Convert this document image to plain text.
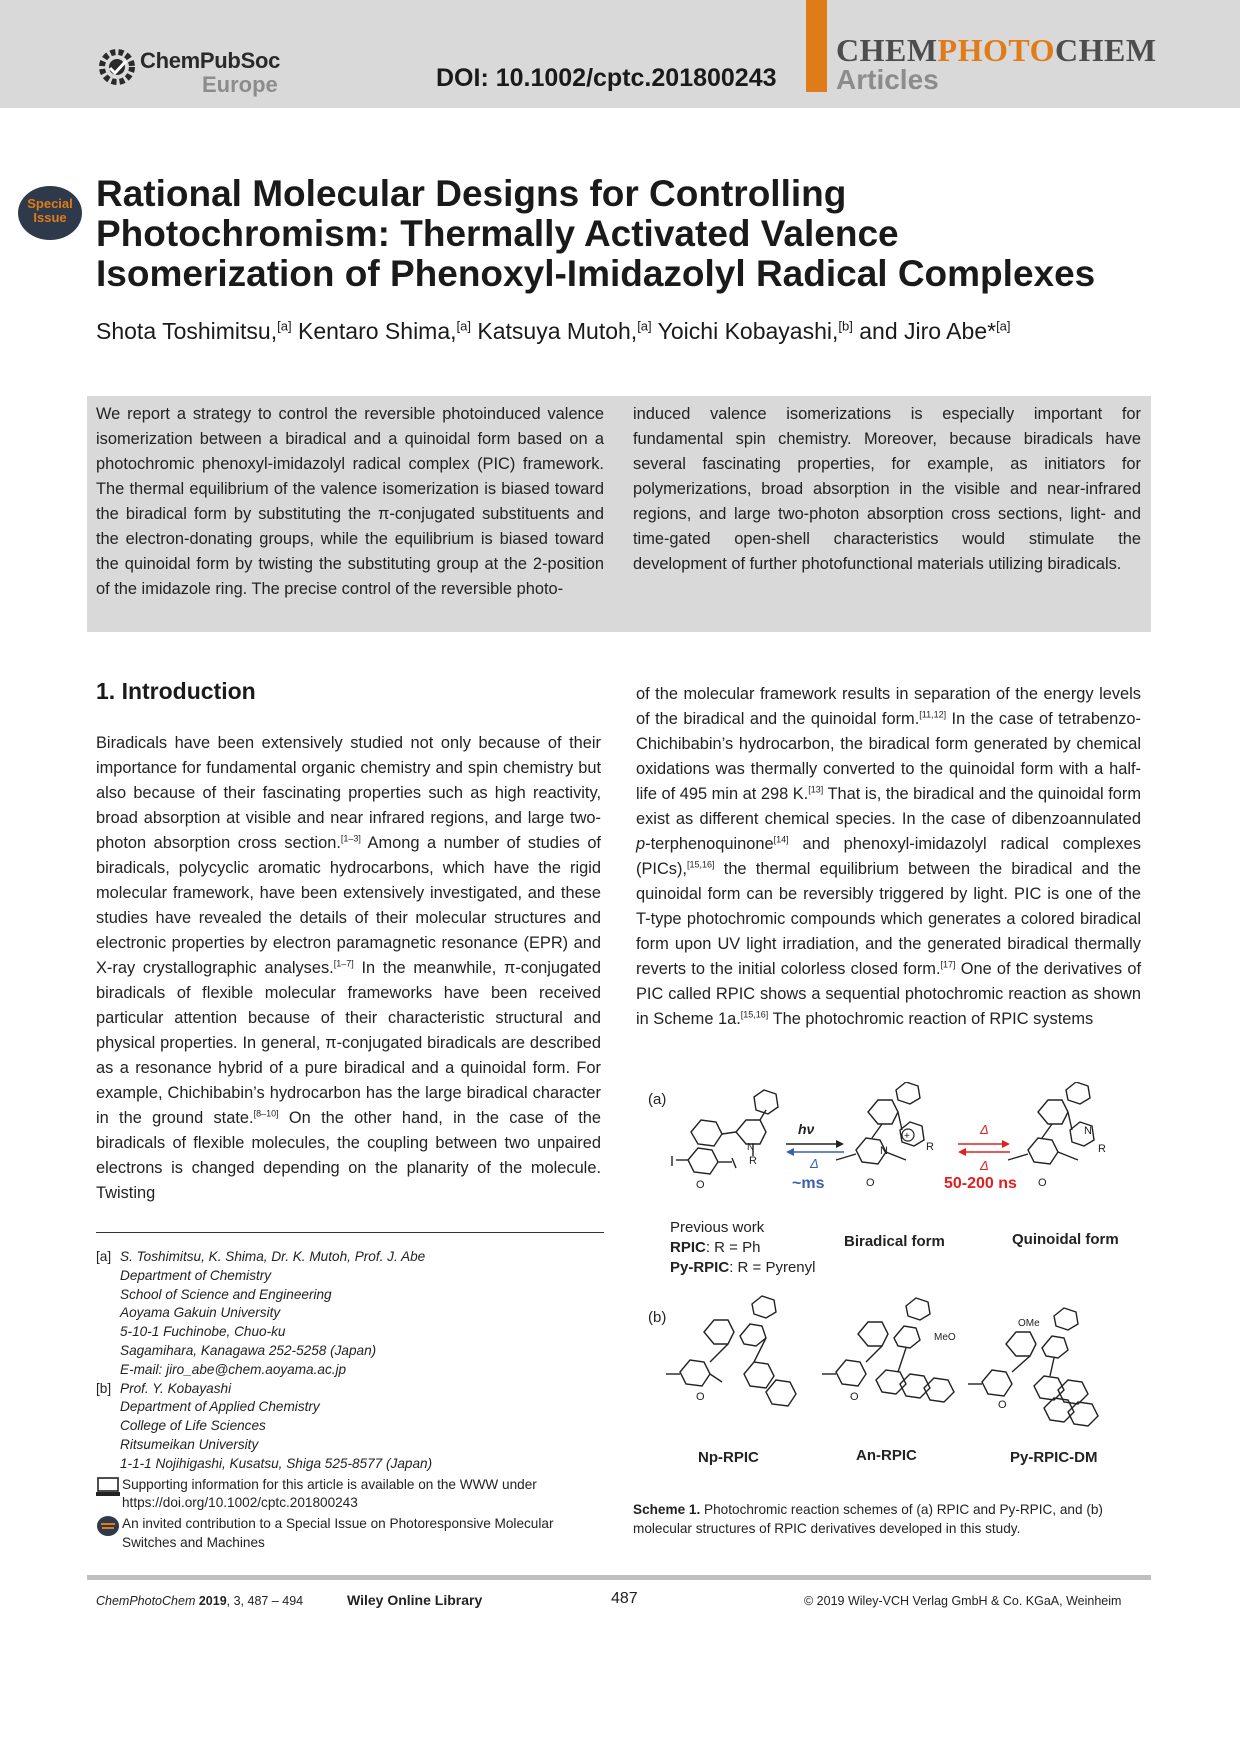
ChemPubSoc
Europe	DOI: 10.1002/cptc.201800243
CHEMPHOTOCHEM
Articles
Special
Issue
Rational Molecular Designs for Controlling
Photochromism: Thermally Activated Valence
Isomerization of Phenoxyl-Imidazolyl Radical Complexes
Shota Toshimitsu,[a] Kentaro Shima,[a] Katsuya Mutoh,[a] Yoichi Kobayashi,[b] and Jiro Abe*[a]

We report a strategy to control the reversible photoinduced valence isomerization between a biradical and a quinoidal form based on a photochromic phenoxyl-imidazolyl radical complex (PIC) framework. The thermal equilibrium of the valence isomerization is biased toward the biradical form by substituting the π-conjugated substituents and the electron-donating groups, while the equilibrium is biased toward the quinoidal form by twisting the substituting group at the 2-position of the imidazole ring. The precise control of the reversible photo-

induced valence isomerizations is especially important for fundamental spin chemistry. Moreover, because biradicals have several fascinating properties, for example, as initiators for polymerizations, broad absorption in the visible and near-infrared regions, and large two-photon absorption cross sections, light- and time-gated open-shell characteristics would stimulate the development of further photofunctional materials utilizing biradicals.

1. Introduction

Biradicals have been extensively studied not only because of their importance for fundamental organic chemistry and spin chemistry but also because of their fascinating properties such as high reactivity, broad absorption at visible and near infrared regions, and large two-photon absorption cross section.[1–3] Among a number of studies of biradicals, polycyclic aromatic hydrocarbons, which have the rigid molecular framework, have been extensively investigated, and these studies have revealed the details of their molecular structures and electronic properties by electron paramagnetic resonance (EPR) and X-ray crystallographic analyses.[1–7] In the meanwhile, π-conjugated biradicals of flexible molecular frameworks have been received particular attention because of their characteristic structural and physical properties. In general, π-conjugated biradicals are described as a resonance hybrid of a pure biradical and a quinoidal form. For example, Chichibabin’s hydrocarbon has the large biradical character in the ground state.[8–10] On the other hand, in the case of the biradicals of flexible molecules, the coupling between two unpaired electrons is changed depending on the planarity of the molecule. Twisting

of the molecular framework results in separation of the energy levels of the biradical and the quinoidal form.[11,12] In the case of tetrabenzo-Chichibabin’s hydrocarbon, the biradical form generated by chemical oxidations was thermally converted to the quinoidal form with a half-life of 495 min at 298 K.[13] That is, the biradical and the quinoidal form exist as different chemical species. In the case of dibenzoannulated p-terphenoquinone[14] and phenoxyl-imidazolyl radical complexes (PICs),[15,16] the thermal equilibrium between the biradical and the quinoidal form can be reversibly triggered by light. PIC is one of the T-type photochromic compounds which generates a colored biradical form upon UV light irradiation, and the generated biradical thermally reverts to the initial colorless closed form.[17] One of the derivatives of PIC called RPIC shows a sequential photochromic reaction as shown in Scheme 1a.[15,16] The photochromic reaction of RPIC systems

(a)
(b)
N
R
O
hν
Δ
~ms
+
N	R
O
Δ
Δ
50-200 ns
N
R
O
Previous work
RPIC: R = Ph
Py-RPIC: R = Pyrenyl
Biradical form	Quinoidal form
O
Np-RPIC
O
An-RPIC
MeO
OMe
O
Py-RPIC-DM

Scheme 1. Photochromic reaction schemes of (a) RPIC and Py-RPIC, and (b) molecular structures of RPIC derivatives developed in this study.

[a] S. Toshimitsu, K. Shima, Dr. K. Mutoh, Prof. J. Abe
Department of Chemistry
School of Science and Engineering
Aoyama Gakuin University
5-10-1 Fuchinobe, Chuo-ku
Sagamihara, Kanagawa 252-5258 (Japan)
E-mail: jiro_abe@chem.aoyama.ac.jp
[b] Prof. Y. Kobayashi
Department of Applied Chemistry
College of Life Sciences
Ritsumeikan University
1-1-1 Nojihigashi, Kusatsu, Shiga 525-8577 (Japan)
Supporting information for this article is available on the WWW under https://doi.org/10.1002/cptc.201800243
An invited contribution to a Special Issue on Photoresponsive Molecular Switches and Machines
ChemPhotoChem 2019, 3, 487 – 494	Wiley Online Library	487	© 2019 Wiley-VCH Verlag GmbH & Co. KGaA, Weinheim
